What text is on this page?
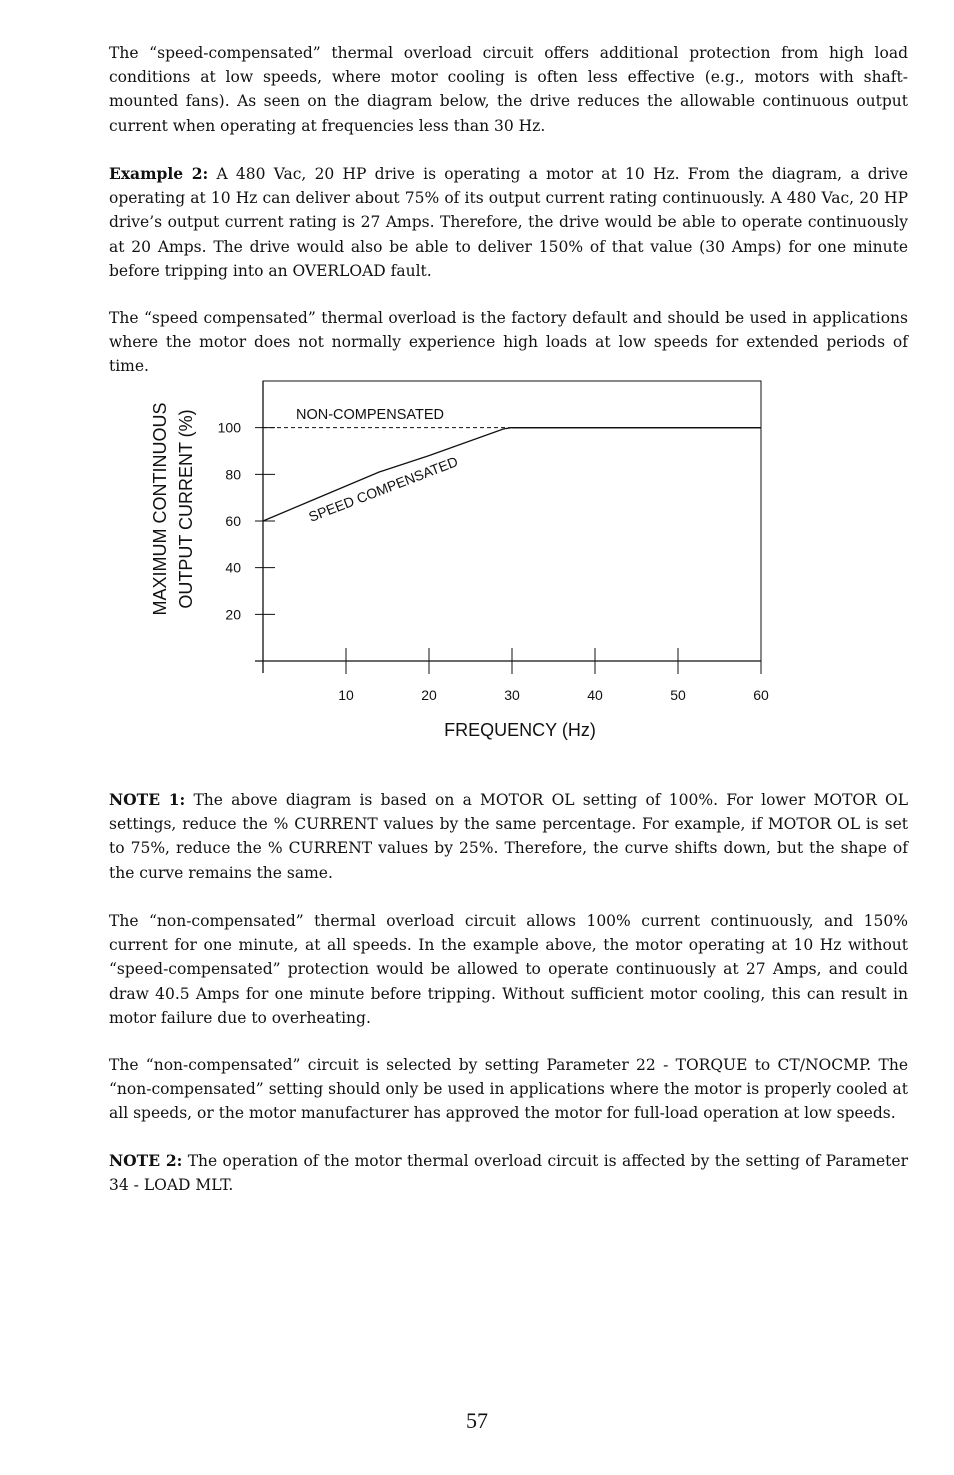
The “speed-compensated” thermal overload circuit offers additional protection from high load conditions at low speeds, where motor cooling is often less effective (e.g., motors with shaft-mounted fans). As seen on the diagram below, the drive reduces the allowable continuous output current when operating at frequencies less than 30 Hz.

Example 2: A 480 Vac, 20 HP drive is operating a motor at 10 Hz. From the diagram, a drive operating at 10 Hz can deliver about 75% of its output current rating continuously. A 480 Vac, 20 HP drive’s output current rating is 27 Amps. Therefore, the drive would be able to operate continuously at 20 Amps. The drive would also be able to deliver 150% of that value (30 Amps) for one minute before tripping into an OVERLOAD fault.

The “speed compensated” thermal overload is the factory default and should be used in applications where the motor does not normally experience high loads at low speeds for extended periods of time.

20
40
60
80
100
10	20	30	40	50	60
FREQUENCY (Hz)
MAXIMUM CONTINUOUS OUTPUT CURRENT (%)	NON-COMPENSATED
SPEED COMPENSATED

NOTE 1: The above diagram is based on a MOTOR OL setting of 100%. For lower MOTOR OL settings, reduce the % CURRENT values by the same percentage. For example, if MOTOR OL is set to 75%, reduce the % CURRENT values by 25%. Therefore, the curve shifts down, but the shape of the curve remains the same.

The “non-compensated” thermal overload circuit allows 100% current continuously, and 150% current for one minute, at all speeds. In the example above, the motor operating at 10 Hz without “speed-compensated” protection would be allowed to operate continuously at 27 Amps, and could draw 40.5 Amps for one minute before tripping. Without sufficient motor cooling, this can result in motor failure due to overheating.

The “non-compensated” circuit is selected by setting Parameter 22 - TORQUE to CT/NOCMP. The “non-compensated” setting should only be used in applications where the motor is properly cooled at all speeds, or the motor manufacturer has approved the motor for full-load operation at low speeds.

NOTE 2: The operation of the motor thermal overload circuit is affected by the setting of Parameter 34 - LOAD MLT.

57
